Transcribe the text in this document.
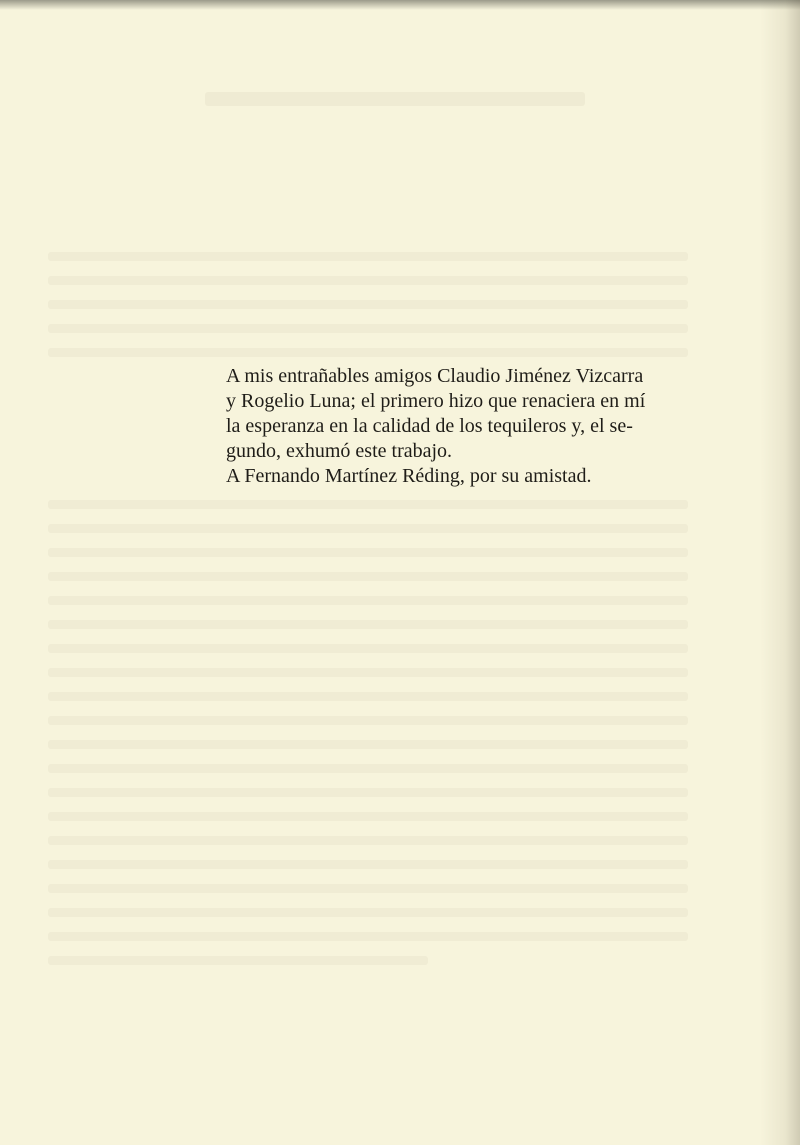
A mis entrañables amigos Claudio Jiménez Vizcarra
y Rogelio Luna; el primero hizo que renaciera en mí
la esperanza en la calidad de los tequileros y, el se-
gundo, exhumó este trabajo.
A Fernando Martínez Réding, por su amistad.
